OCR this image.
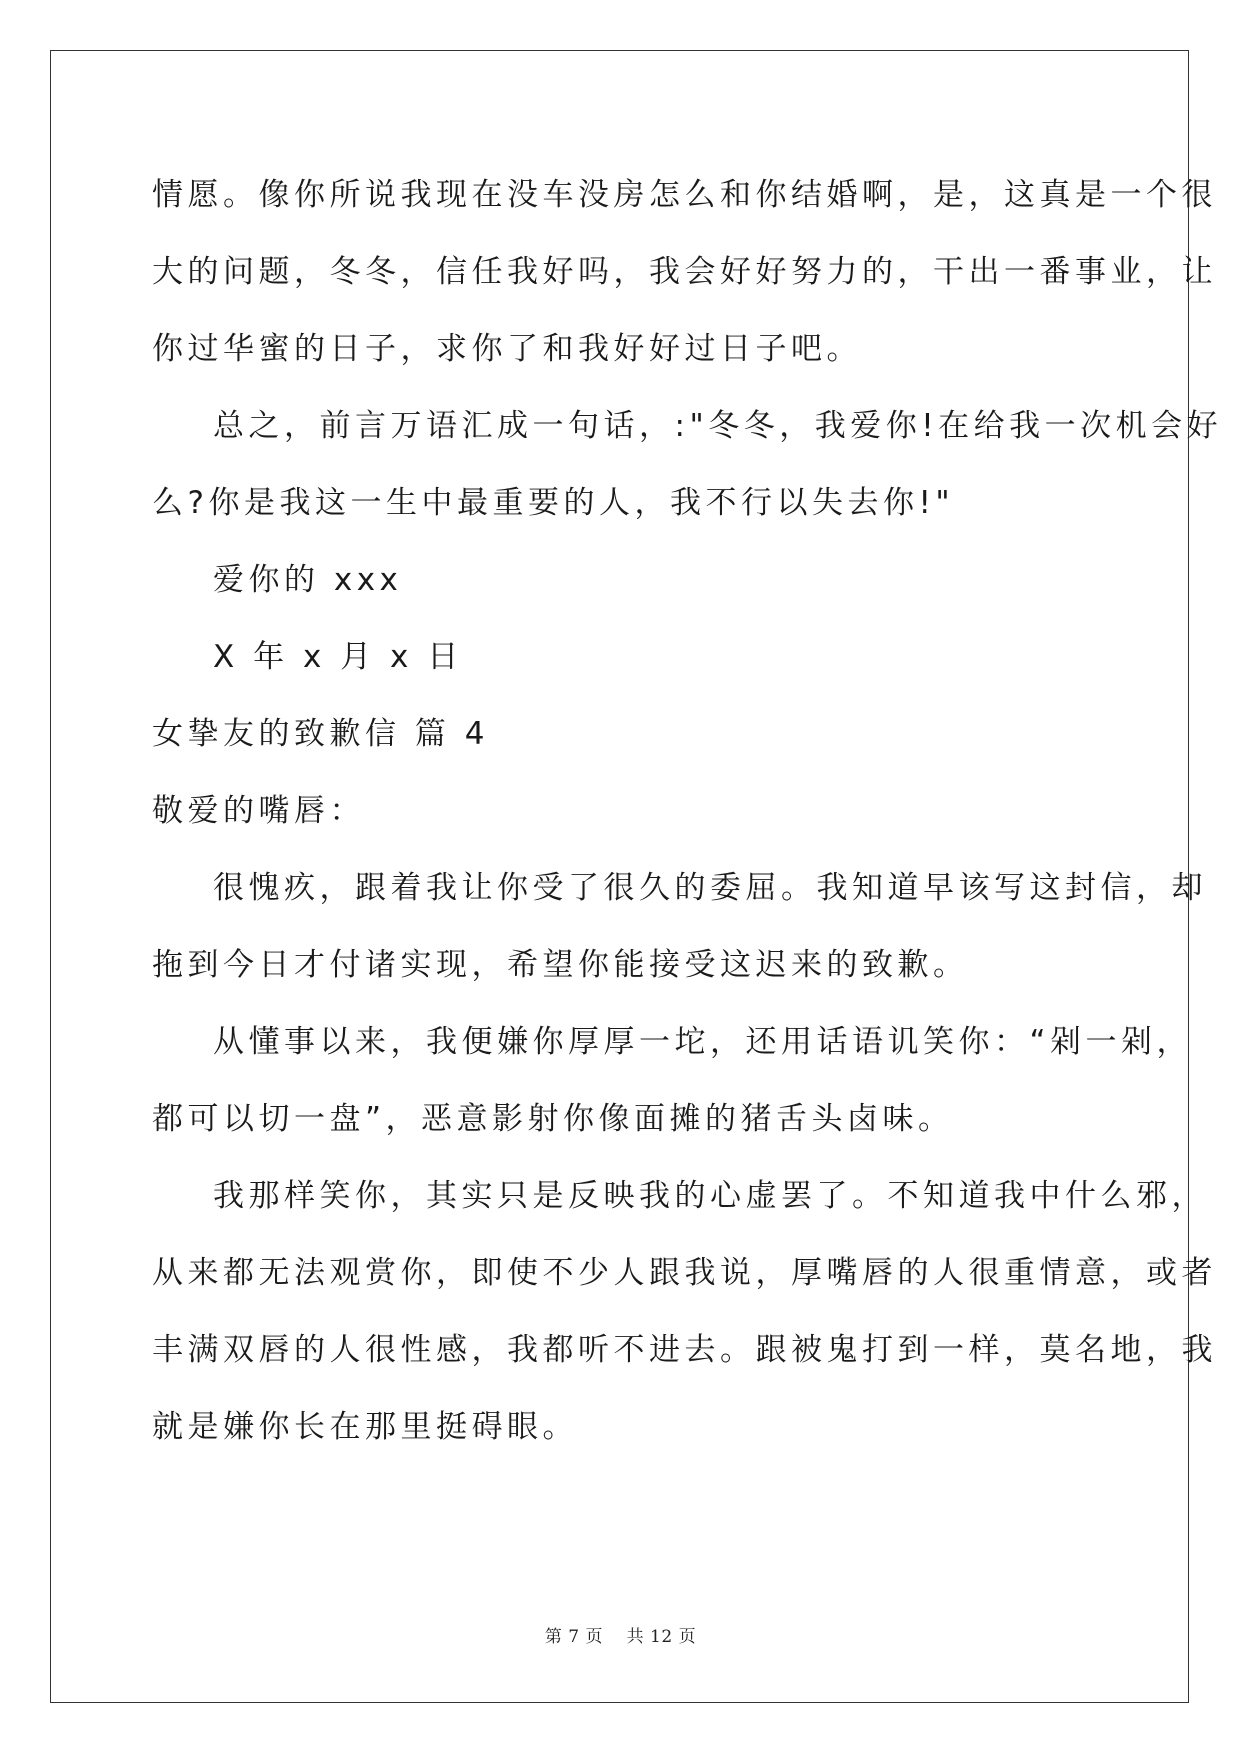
情愿。像你所说我现在没车没房怎么和你结婚啊，是，这真是一个很
大的问题，冬冬，信任我好吗，我会好好努力的，干出一番事业，让
你过华蜜的日子，求你了和我好好过日子吧。
总之，前言万语汇成一句话，:"冬冬，我爱你!在给我一次机会好
么?你是我这一生中最重要的人，我不行以失去你!"
爱你的 xxx
X 年 x 月 x 日
女挚友的致歉信 篇 4
敬爱的嘴唇：
很愧疚，跟着我让你受了很久的委屈。我知道早该写这封信，却
拖到今日才付诸实现，希望你能接受这迟来的致歉。
从懂事以来，我便嫌你厚厚一坨，还用话语讥笑你：“剁一剁，
都可以切一盘”，恶意影射你像面摊的猪舌头卤味。
我那样笑你，其实只是反映我的心虚罢了。不知道我中什么邪，
从来都无法观赏你，即使不少人跟我说，厚嘴唇的人很重情意，或者
丰满双唇的人很性感，我都听不进去。跟被鬼打到一样，莫名地，我
就是嫌你长在那里挺碍眼。
第 7 页 共 12 页
